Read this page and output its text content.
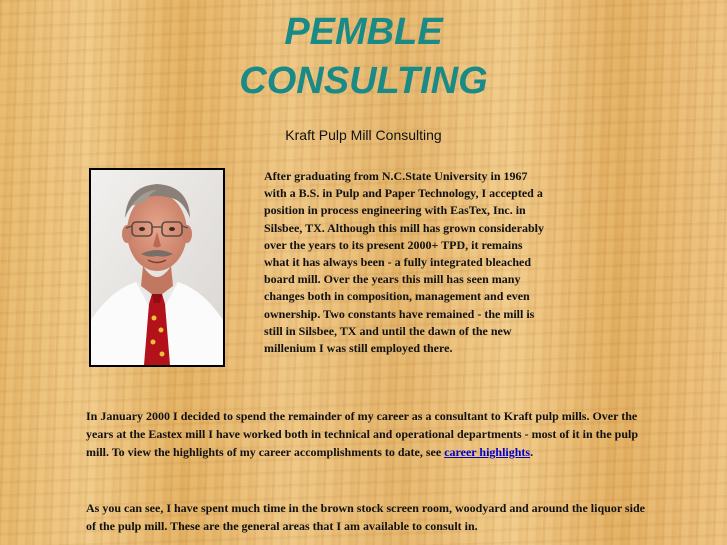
PEMBLE
CONSULTING

Kraft Pulp Mill Consulting

After graduating from N.C.State University in 1967 with a B.S. in Pulp and Paper Technology, I accepted a position in process engineering with EasTex, Inc. in Silsbee, TX. Although this mill has grown considerably over the years to its present 2000+ TPD, it remains what it has always been - a fully integrated bleached board mill. Over the years this mill has seen many changes both in composition, management and even ownership. Two constants have remained - the mill is still in Silsbee, TX and until the dawn of the new millenium I was still employed there.

In January 2000 I decided to spend the remainder of my career as a consultant to Kraft pulp mills. Over the years at the Eastex mill I have worked both in technical and operational departments - most of it in the pulp mill. To view the highlights of my career accomplishments to date, see career highlights.

As you can see, I have spent much time in the brown stock screen room, woodyard and around the liquor side of the pulp mill. These are the general areas that I am available to consult in.
